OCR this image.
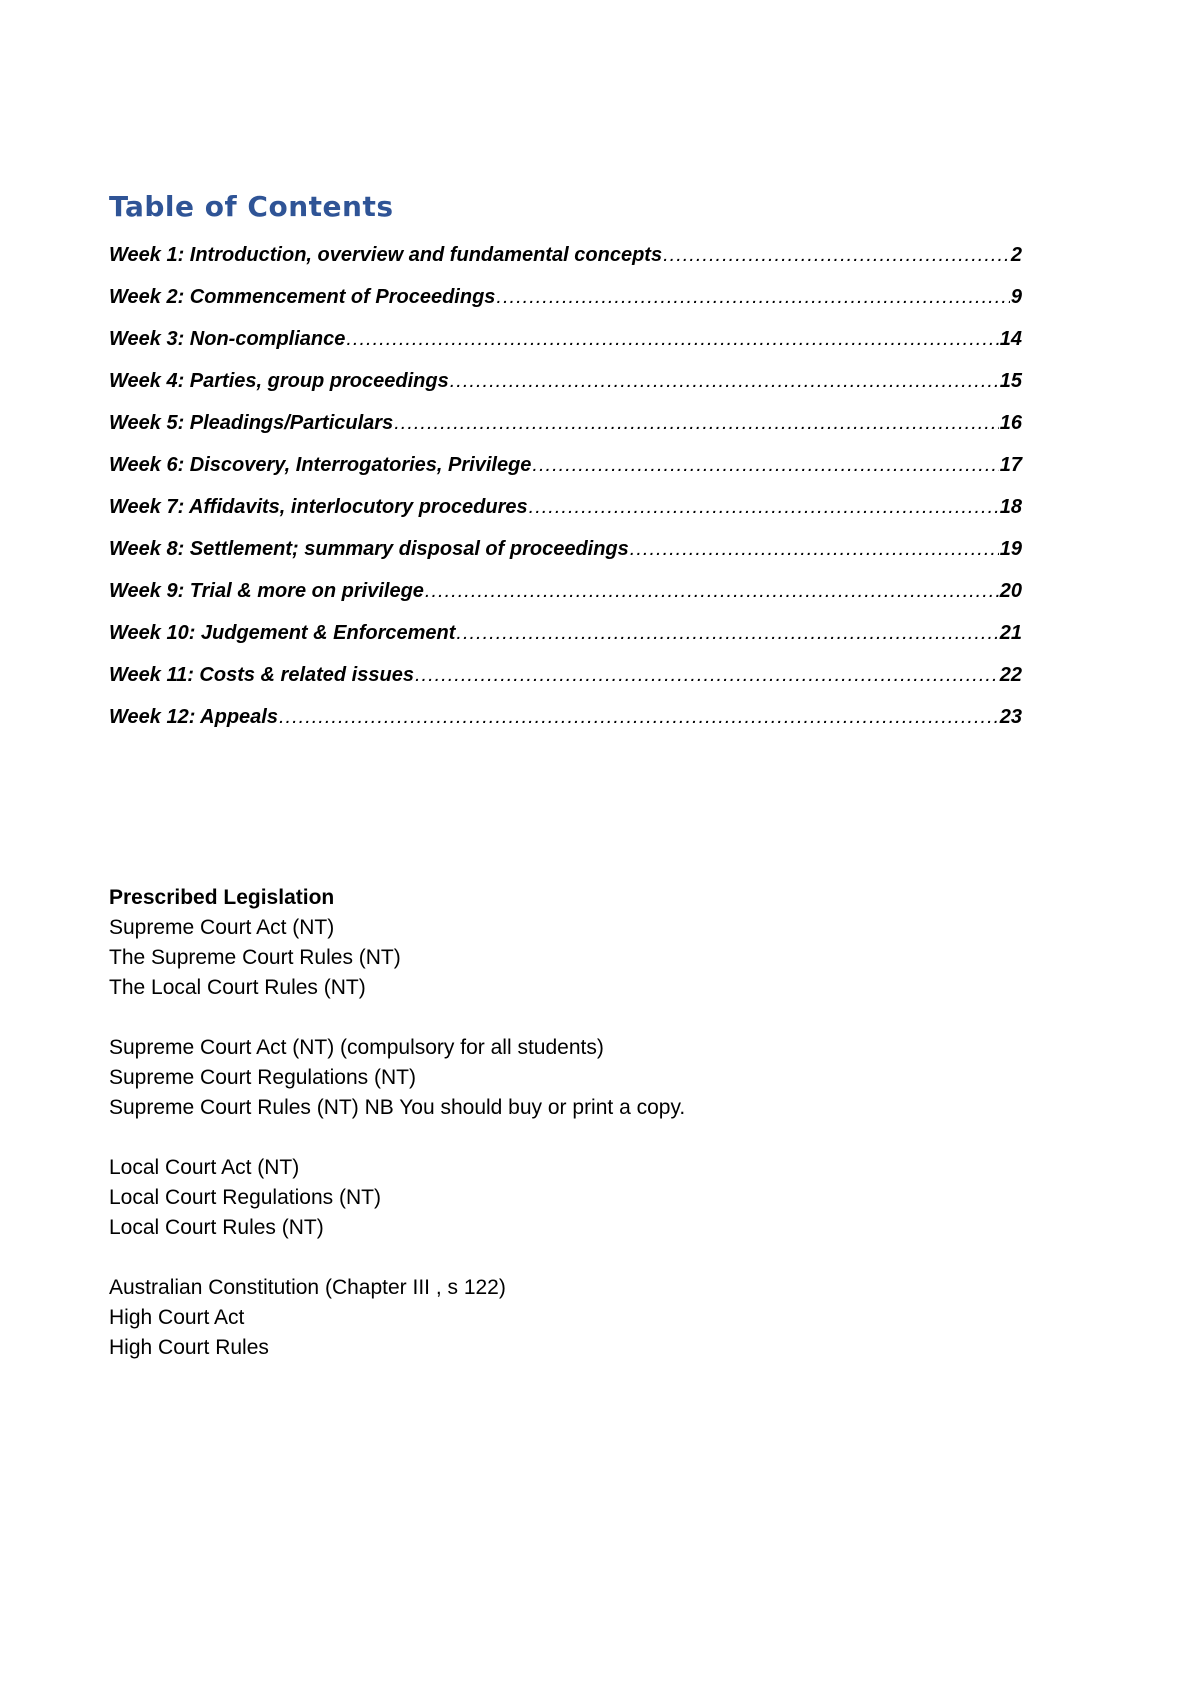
Table of Contents
Week 1: Introduction, overview and fundamental concepts .....	2
Week 2: Commencement of Proceedings .....	9
Week 3: Non-compliance .....	14
Week 4: Parties, group proceedings .....	15
Week 5: Pleadings/Particulars .....	16
Week 6: Discovery, Interrogatories, Privilege .....	17
Week 7: Affidavits, interlocutory procedures .....	18
Week 8: Settlement; summary disposal of proceedings .....	19
Week 9: Trial & more on privilege .....	20
Week 10: Judgement & Enforcement .....	21
Week 11: Costs & related issues .....	22
Week 12: Appeals .....	23

Prescribed Legislation

Supreme Court Act (NT)
The Supreme Court Rules (NT)
The Local Court Rules (NT)
Supreme Court Act (NT) (compulsory for all students)
Supreme Court Regulations (NT)
Supreme Court Rules (NT) NB You should buy or print a copy.
Local Court Act (NT)
Local Court Regulations (NT)
Local Court Rules (NT)
Australian Constitution (Chapter III , s 122)
High Court Act
High Court Rules
